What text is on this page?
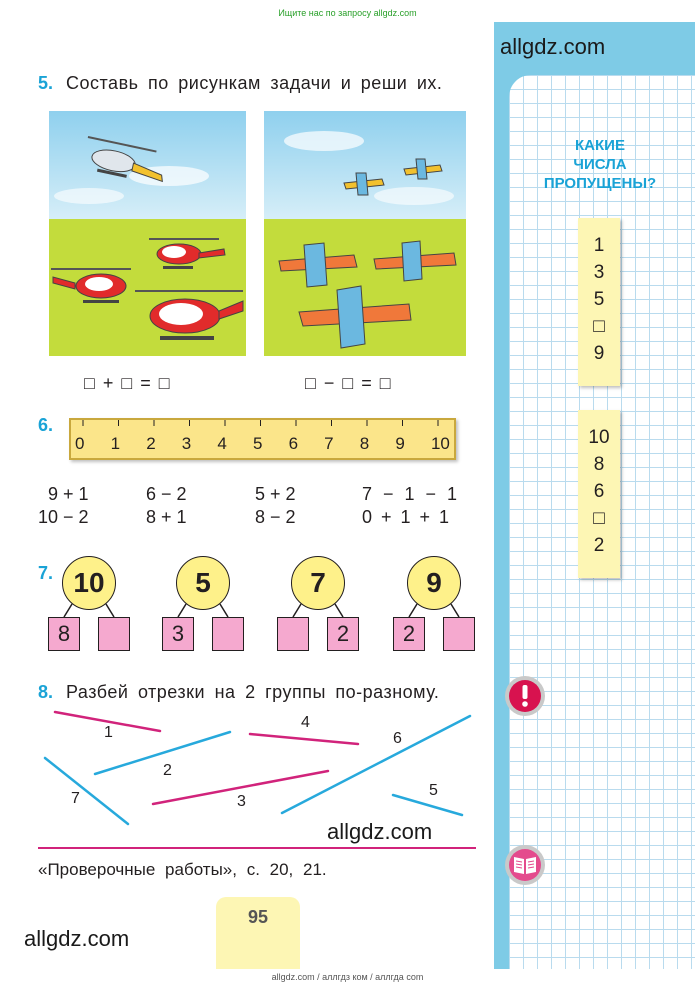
Ищите нас по запросу allgdz.com
allgdz.com
allgdz.com
allgdz.com
КАКИЕ
ЧИСЛА
ПРОПУЩЕНЫ?
1
3
5
□
9
10
8
6
□
2
5. Составь по рисункам задачи и реши их.
□ + □ = □	□ − □ = □
6.
0 1 2 3 4 5 6 7 8 9 10
9 + 1
10 − 2
6 − 2
8 + 1
5 + 2
8 − 2
7 − 1 − 1
0 + 1 + 1
7. 10
8
5
3
7
2
9
2
8. Разбей отрезки на 2 группы по-разному.
1
2
3
4
5
6
7
«Проверочные работы», с. 20, 21.
95
allgdz.com / аллгдз ком / аллгда com
